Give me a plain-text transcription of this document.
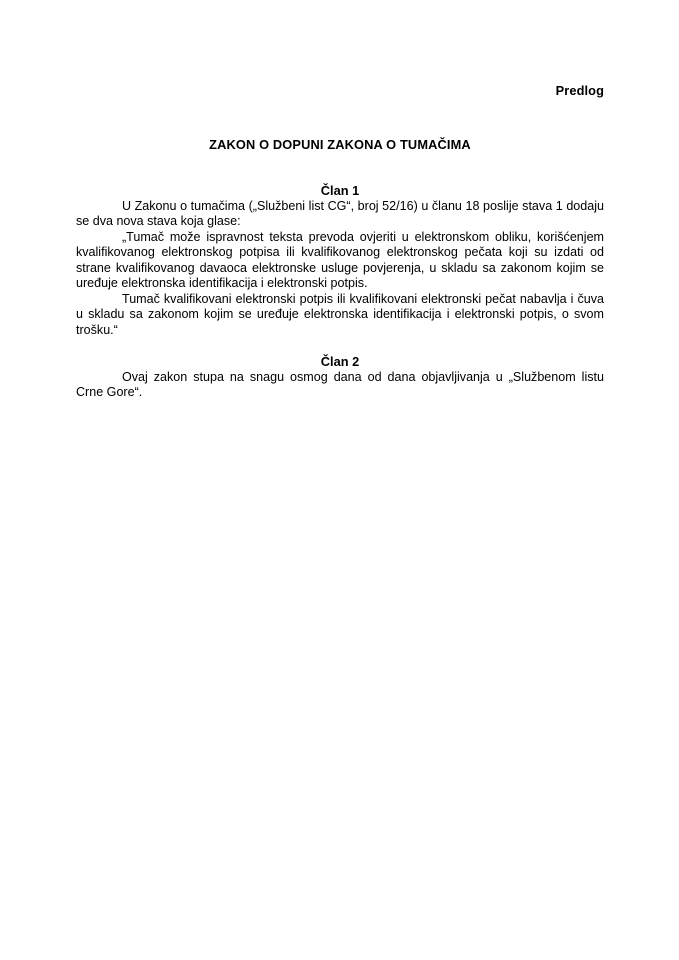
Predlog
ZAKON O DOPUNI ZAKONA O TUMAČIMA
Član 1

U Zakonu o tumačima („Službeni list CG“, broj 52/16) u članu 18 poslije stava 1 dodaju se dva nova stava koja glase:

„Tumač može ispravnost teksta prevoda ovjeriti u elektronskom obliku, korišćenjem kvalifikovanog elektronskog potpisa ili kvalifikovanog elektronskog pečata koji su izdati od strane kvalifikovanog davaoca elektronske usluge povjerenja, u skladu sa zakonom kojim se uređuje elektronska identifikacija i elektronski potpis.

Tumač kvalifikovani elektronski potpis ili kvalifikovani elektronski pečat nabavlja i čuva u skladu sa zakonom kojim se uređuje elektronska identifikacija i elektronski potpis, o svom trošku.“

Član 2

Ovaj zakon stupa na snagu osmog dana od dana objavljivanja u „Službenom listu Crne Gore“.
